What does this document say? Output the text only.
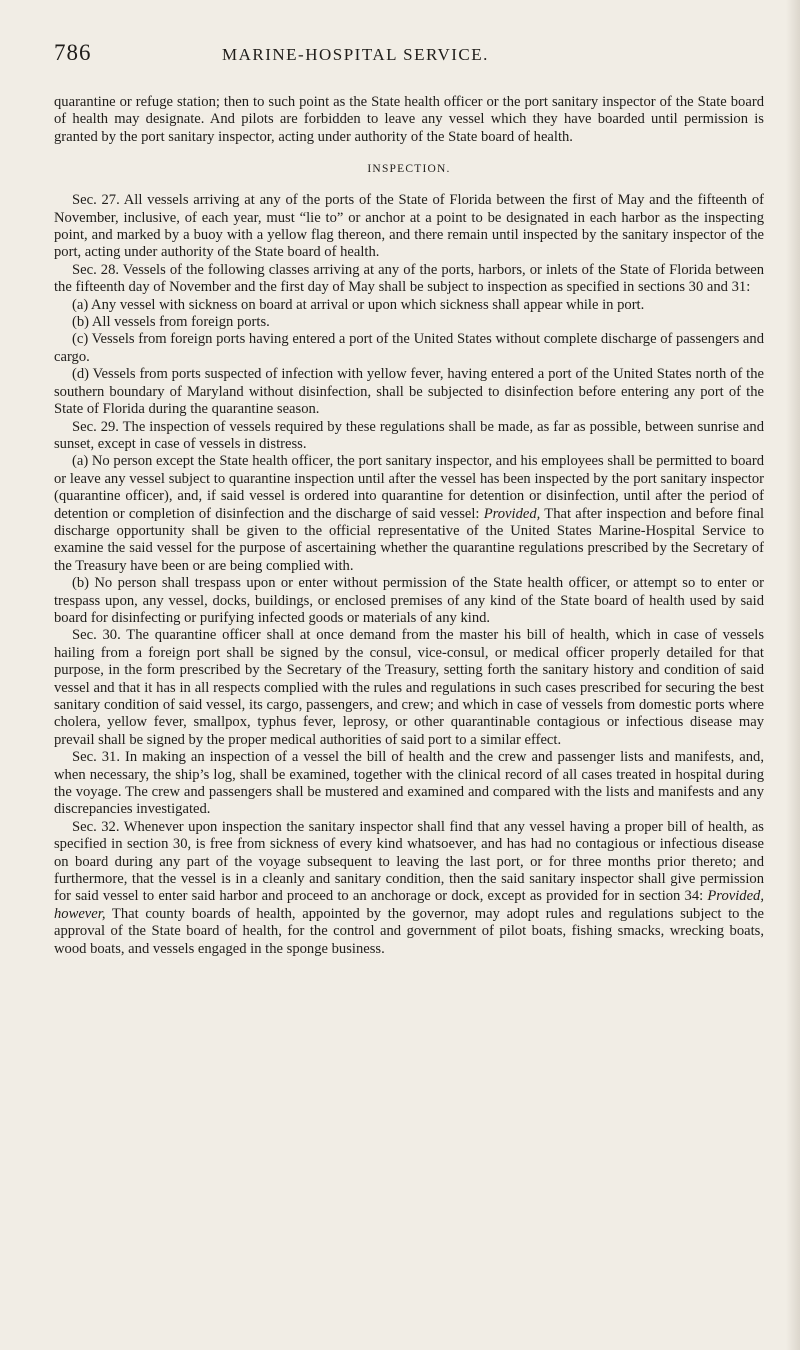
786	MARINE-HOSPITAL SERVICE.

quarantine or refuge station; then to such point as the State health officer or the port sanitary inspector of the State board of health may designate. And pilots are forbidden to leave any vessel which they have boarded until permission is granted by the port sanitary inspector, acting under authority of the State board of health.

INSPECTION.

Sec. 27. All vessels arriving at any of the ports of the State of Florida between the first of May and the fifteenth of November, inclusive, of each year, must “lie to” or anchor at a point to be designated in each harbor as the inspecting point, and marked by a buoy with a yellow flag thereon, and there remain until inspected by the sanitary inspector of the port, acting under authority of the State board of health.

Sec. 28. Vessels of the following classes arriving at any of the ports, harbors, or inlets of the State of Florida between the fifteenth day of November and the first day of May shall be subject to inspection as specified in sections 30 and 31:

(a) Any vessel with sickness on board at arrival or upon which sickness shall appear while in port.

(b) All vessels from foreign ports.

(c) Vessels from foreign ports having entered a port of the United States without complete discharge of passengers and cargo.

(d) Vessels from ports suspected of infection with yellow fever, having entered a port of the United States north of the southern boundary of Maryland without disinfection, shall be subjected to disinfection before entering any port of the State of Florida during the quarantine season.

Sec. 29. The inspection of vessels required by these regulations shall be made, as far as possible, between sunrise and sunset, except in case of vessels in distress.

(a) No person except the State health officer, the port sanitary inspector, and his employees shall be permitted to board or leave any vessel subject to quarantine inspection until after the vessel has been inspected by the port sanitary inspector (quarantine officer), and, if said vessel is ordered into quarantine for detention or disinfection, until after the period of detention or completion of disinfection and the discharge of said vessel: Provided, That after inspection and before final discharge opportunity shall be given to the official representative of the United States Marine-Hospital Service to examine the said vessel for the purpose of ascertaining whether the quarantine regulations prescribed by the Secretary of the Treasury have been or are being complied with.

(b) No person shall trespass upon or enter without permission of the State health officer, or attempt so to enter or trespass upon, any vessel, docks, buildings, or enclosed premises of any kind of the State board of health used by said board for disinfecting or purifying infected goods or materials of any kind.

Sec. 30. The quarantine officer shall at once demand from the master his bill of health, which in case of vessels hailing from a foreign port shall be signed by the consul, vice-consul, or medical officer properly detailed for that purpose, in the form prescribed by the Secretary of the Treasury, setting forth the sanitary history and condition of said vessel and that it has in all respects complied with the rules and regulations in such cases prescribed for securing the best sanitary condition of said vessel, its cargo, passengers, and crew; and which in case of vessels from domestic ports where cholera, yellow fever, smallpox, typhus fever, leprosy, or other quarantinable contagious or infectious disease may prevail shall be signed by the proper medical authorities of said port to a similar effect.

Sec. 31. In making an inspection of a vessel the bill of health and the crew and passenger lists and manifests, and, when necessary, the ship’s log, shall be examined, together with the clinical record of all cases treated in hospital during the voyage. The crew and passengers shall be mustered and examined and compared with the lists and manifests and any discrepancies investigated.

Sec. 32. Whenever upon inspection the sanitary inspector shall find that any vessel having a proper bill of health, as specified in section 30, is free from sickness of every kind whatsoever, and has had no contagious or infectious disease on board during any part of the voyage subsequent to leaving the last port, or for three months prior thereto; and furthermore, that the vessel is in a cleanly and sanitary condition, then the said sanitary inspector shall give permission for said vessel to enter said harbor and proceed to an anchorage or dock, except as provided for in section 34: Provided, however, That county boards of health, appointed by the governor, may adopt rules and regulations subject to the approval of the State board of health, for the control and government of pilot boats, fishing smacks, wrecking boats, wood boats, and vessels engaged in the sponge business.
